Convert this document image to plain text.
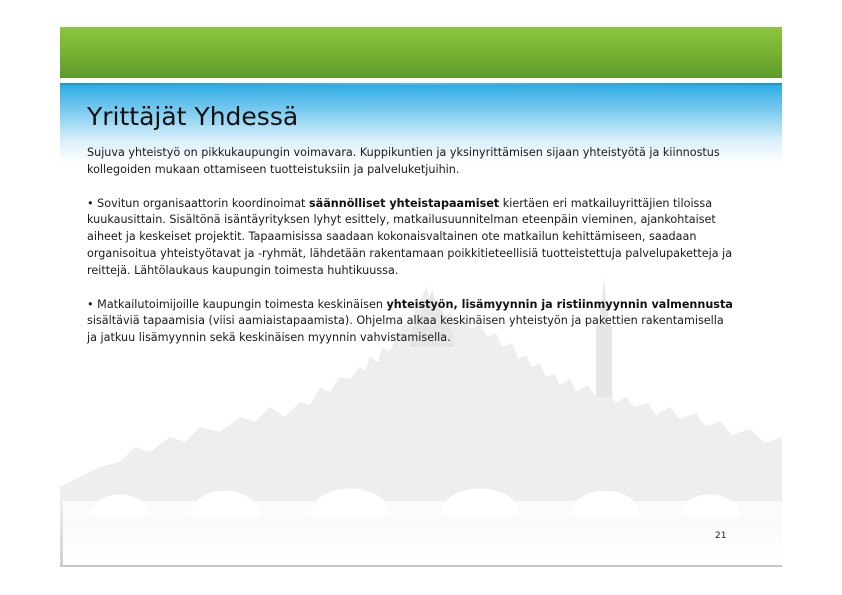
Yrittäjät Yhdessä

Sujuva yhteistyö on pikkukaupungin voimavara. Kuppikuntien ja yksinyrittämisen sijaan yhteistyötä ja kiinnostus kollegoiden mukaan ottamiseen tuotteistuksiin ja palveluketjuihin.

• Sovitun organisaattorin koordinoimat säännölliset yhteistapaamiset kiertäen eri matkailuyrittäjien tiloissa kuukausittain. Sisältönä isäntäyrityksen lyhyt esittely, matkailusuunnitelman eteenpäin vieminen, ajankohtaiset aiheet ja keskeiset projektit. Tapaamisissa saadaan kokonaisvaltainen ote matkailun kehittämiseen, saadaan organisoitua yhteistyötavat ja -ryhmät, lähdetään rakentamaan poikkitieteellisiä tuotteistettuja palvelupaketteja ja reittejä. Lähtölaukaus kaupungin toimesta huhtikuussa.

• Matkailutoimijoille kaupungin toimesta keskinäisen yhteistyön, lisämyynnin ja ristiinmyynnin valmennusta sisältäviä tapaamisia (viisi aamiaistapaamista). Ohjelma alkaa keskinäisen yhteistyön ja pakettien rakentamisella ja jatkuu lisämyynnin sekä keskinäisen myynnin vahvistamisella.

21
